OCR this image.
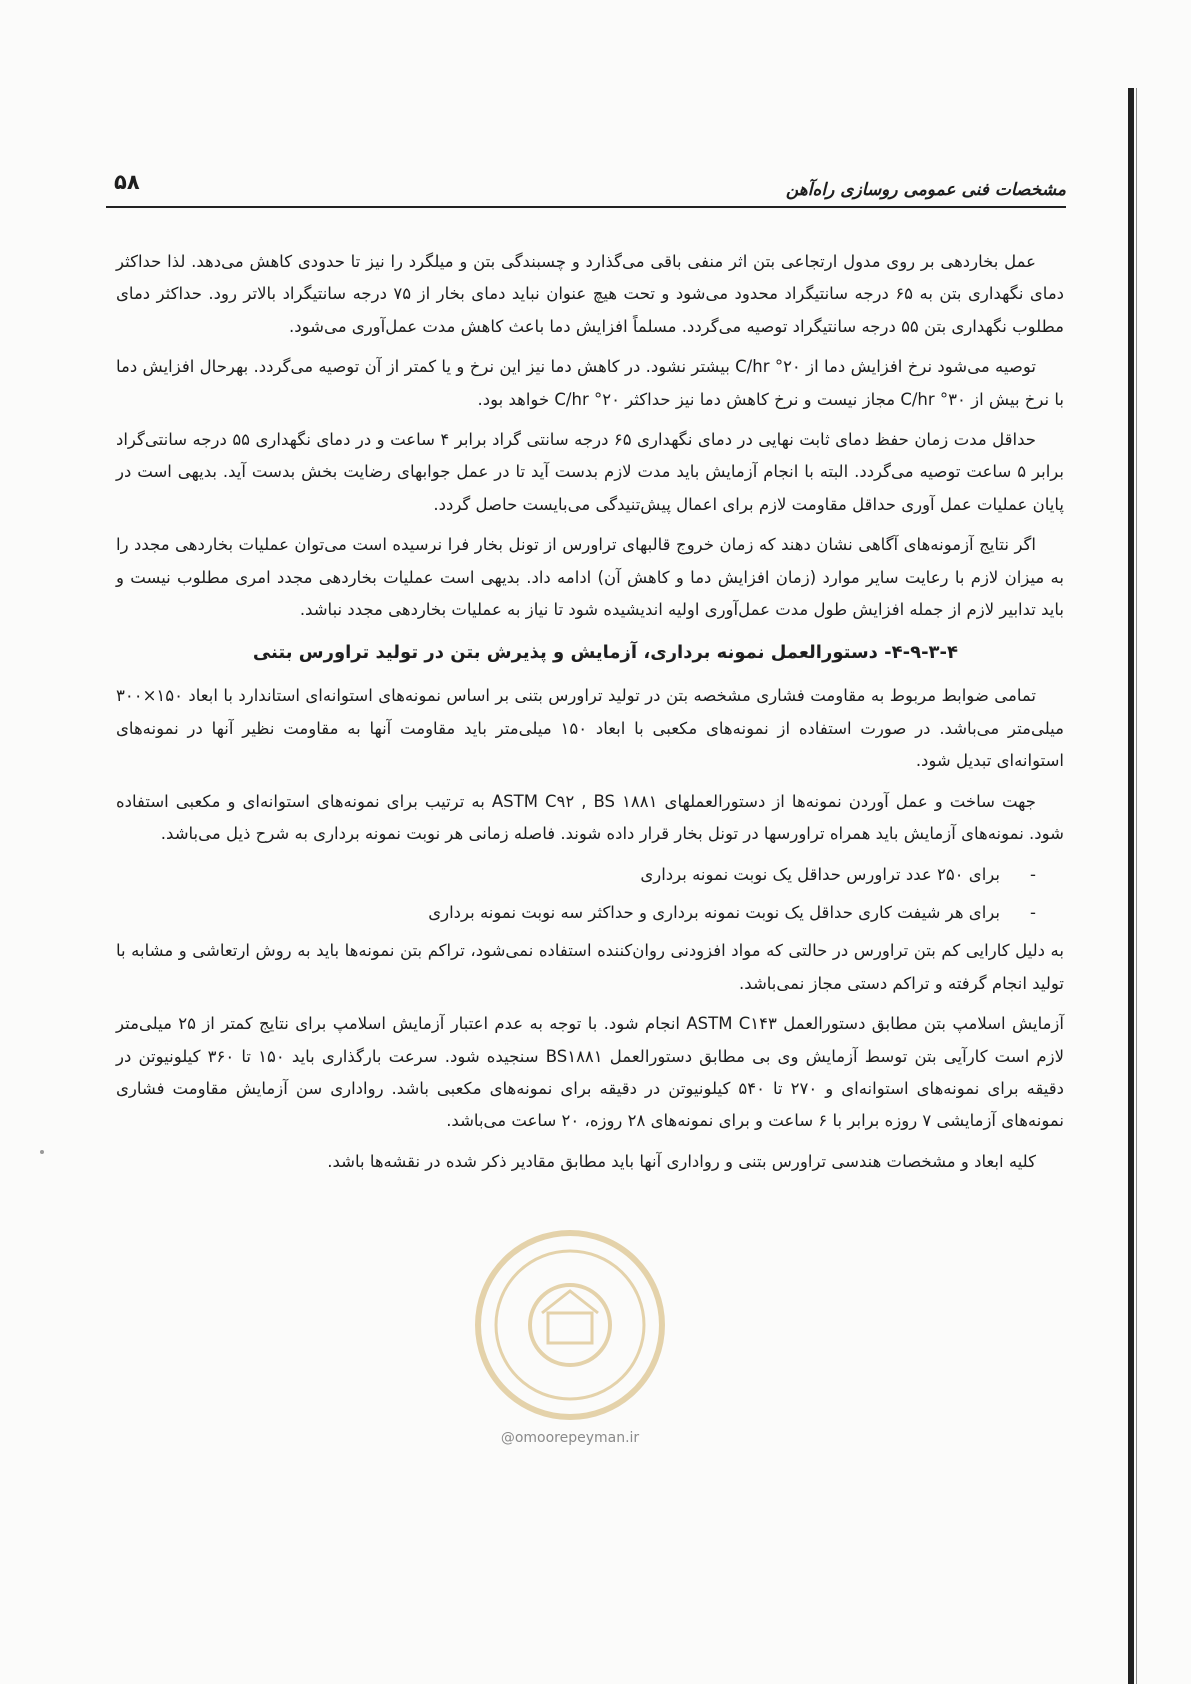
۵۸	مشخصات فنی عمومی روسازی راه‌آهن

عمل بخاردهی بر روی مدول ارتجاعی بتن اثر منفی باقی می‌گذارد و چسبندگی بتن و میلگرد را نیز تا حدودی کاهش می‌دهد. لذا حداکثر دمای نگهداری بتن به ۶۵ درجه سانتیگراد محدود می‌شود و تحت هیچ عنوان نباید دمای بخار از ۷۵ درجه سانتیگراد بالاتر رود. حداکثر دمای مطلوب نگهداری بتن ۵۵ درجه سانتیگراد توصیه می‌گردد. مسلماً افزایش دما باعث کاهش مدت عمل‌آوری می‌شود.

توصیه می‌شود نرخ افزایش دما از C/hr °۲۰ بیشتر نشود. در کاهش دما نیز این نرخ و یا کمتر از آن توصیه می‌گردد. بهرحال افزایش دما با نرخ بیش از C/hr °۳۰ مجاز نیست و نرخ کاهش دما نیز حداکثر C/hr °۲۰ خواهد بود.

حداقل مدت زمان حفظ دمای ثابت نهایی در دمای نگهداری ۶۵ درجه سانتی گراد برابر ۴ ساعت و در دمای نگهداری ۵۵ درجه سانتی‌گراد برابر ۵ ساعت توصیه می‌گردد. البته با انجام آزمایش باید مدت لازم بدست آید تا در عمل جوابهای رضایت بخش بدست آید. بدیهی است در پایان عملیات عمل آوری حداقل مقاومت لازم برای اعمال پیش‌تنیدگی می‌بایست حاصل گردد.

اگر نتایج آزمونه‌های آگاهی نشان دهند که زمان خروج قالبهای تراورس از تونل بخار فرا نرسیده است می‌توان عملیات بخاردهی مجدد را به میزان لازم با رعایت سایر موارد (زمان افزایش دما و کاهش آن) ادامه داد. بدیهی است عملیات بخاردهی مجدد امری مطلوب نیست و باید تدابیر لازم از جمله افزایش طول مدت عمل‌آوری اولیه اندیشیده شود تا نیاز به عملیات بخاردهی مجدد نباشد.

۴-۹-۳-۴- دستورالعمل نمونه برداری، آزمایش و پذیرش بتن در تولید تراورس بتنی

تمامی ضوابط مربوط به مقاومت فشاری مشخصه بتن در تولید تراورس بتنی بر اساس نمونه‌های استوانه‌ای استاندارد با ابعاد ۱۵۰×۳۰۰ میلی‌متر می‌باشد. در صورت استفاده از نمونه‌های مکعبی با ابعاد ۱۵۰ میلی‌متر باید مقاومت آنها به مقاومت نظیر آنها در نمونه‌های استوانه‌ای تبدیل شود.

جهت ساخت و عمل آوردن نمونه‌ها از دستورالعملهای ASTM C۹۲ , BS ۱۸۸۱ به ترتیب برای نمونه‌های استوانه‌ای و مکعبی استفاده شود. نمونه‌های آزمایش باید همراه تراورسها در تونل بخار قرار داده شوند. فاصله زمانی هر نوبت نمونه برداری به شرح ذیل می‌باشد.

-برای ۲۵۰ عدد تراورس حداقل یک نوبت نمونه برداری
-برای هر شیفت کاری حداقل یک نوبت نمونه برداری و حداکثر سه نوبت نمونه برداری

به دلیل کارایی کم بتن تراورس در حالتی که مواد افزودنی روان‌کننده استفاده نمی‌شود، تراکم بتن نمونه‌ها باید به روش ارتعاشی و مشابه با تولید انجام گرفته و تراکم دستی مجاز نمی‌باشد.

آزمایش اسلامپ بتن مطابق دستورالعمل ASTM C۱۴۳ انجام شود. با توجه به عدم اعتبار آزمایش اسلامپ برای نتایج کمتر از ۲۵ میلی‌متر لازم است کارآیی بتن توسط آزمایش وی بی مطابق دستورالعمل BS۱۸۸۱ سنجیده شود. سرعت بارگذاری باید ۱۵۰ تا ۳۶۰ کیلونیوتن در دقیقه برای نمونه‌های استوانه‌ای و ۲۷۰ تا ۵۴۰ کیلونیوتن در دقیقه برای نمونه‌های مکعبی باشد. رواداری سن آزمایش مقاومت فشاری نمونه‌های آزمایشی ۷ روزه برابر با ۶ ساعت و برای نمونه‌های ۲۸ روزه، ۲۰ ساعت می‌باشد.

کلیه ابعاد و مشخصات هندسی تراورس بتنی و رواداری آنها باید مطابق مقادیر ذکر شده در نقشه‌ها باشد.

@omoorepeyman.ir
